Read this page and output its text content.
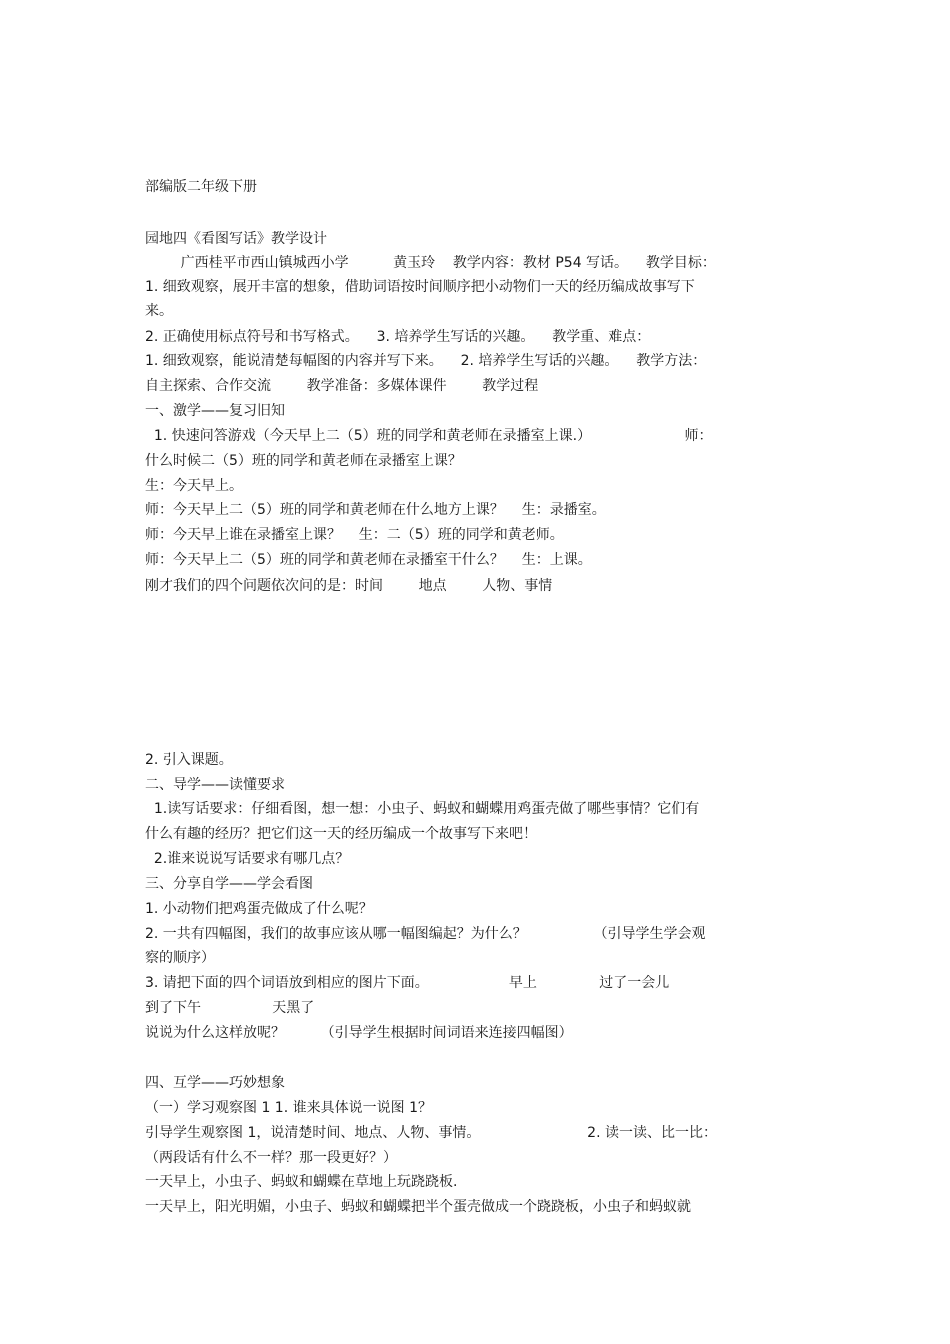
部编版二年级下册
园地四《看图写话》教学设计
广西桂平市西山镇城西小学          黄玉玲    教学内容：教材 P54 写话。    教学目标：
1. 细致观察，展开丰富的想象，借助词语按时间顺序把小动物们一天的经历编成故事写下
来。
2. 正确使用标点符号和书写格式。    3. 培养学生写话的兴趣。    教学重、难点：
1. 细致观察，能说清楚每幅图的内容并写下来。    2. 培养学生写话的兴趣。    教学方法：
自主探索、合作交流        教学准备：多媒体课件        教学过程
一、激学——复习旧知
1. 快速问答游戏（今天早上二（5）班的同学和黄老师在录播室上课.）                     师：
什么时候二（5）班的同学和黄老师在录播室上课？
生：今天早上。
师：今天早上二（5）班的同学和黄老师在什么地方上课？    生：录播室。
师：今天早上谁在录播室上课？    生：二（5）班的同学和黄老师。
师：今天早上二（5）班的同学和黄老师在录播室干什么？    生：上课。
刚才我们的四个问题依次问的是：时间        地点        人物、事情
2. 引入课题。
二、导学——读懂要求
1.读写话要求：仔细看图，想一想：小虫子、蚂蚁和蝴蝶用鸡蛋壳做了哪些事情？它们有
什么有趣的经历？把它们这一天的经历编成一个故事写下来吧！
2.谁来说说写话要求有哪几点？
三、分享自学——学会看图
1. 小动物们把鸡蛋壳做成了什么呢？
2. 一共有四幅图，我们的故事应该从哪一幅图编起？为什么？               （引导学生学会观
察的顺序）
3. 请把下面的四个词语放到相应的图片下面。                  早上              过了一会儿
到了下午                天黑了
说说为什么这样放呢？        （引导学生根据时间词语来连接四幅图）
四、互学——巧妙想象
（一）学习观察图 1 1. 谁来具体说一说图 1？
引导学生观察图 1，说清楚时间、地点、人物、事情。                        2. 读一读、比一比：
（两段话有什么不一样？那一段更好？）
一天早上，小虫子、蚂蚁和蝴蝶在草地上玩跷跷板.
一天早上，阳光明媚，小虫子、蚂蚁和蝴蝶把半个蛋壳做成一个跷跷板，小虫子和蚂蚁就
